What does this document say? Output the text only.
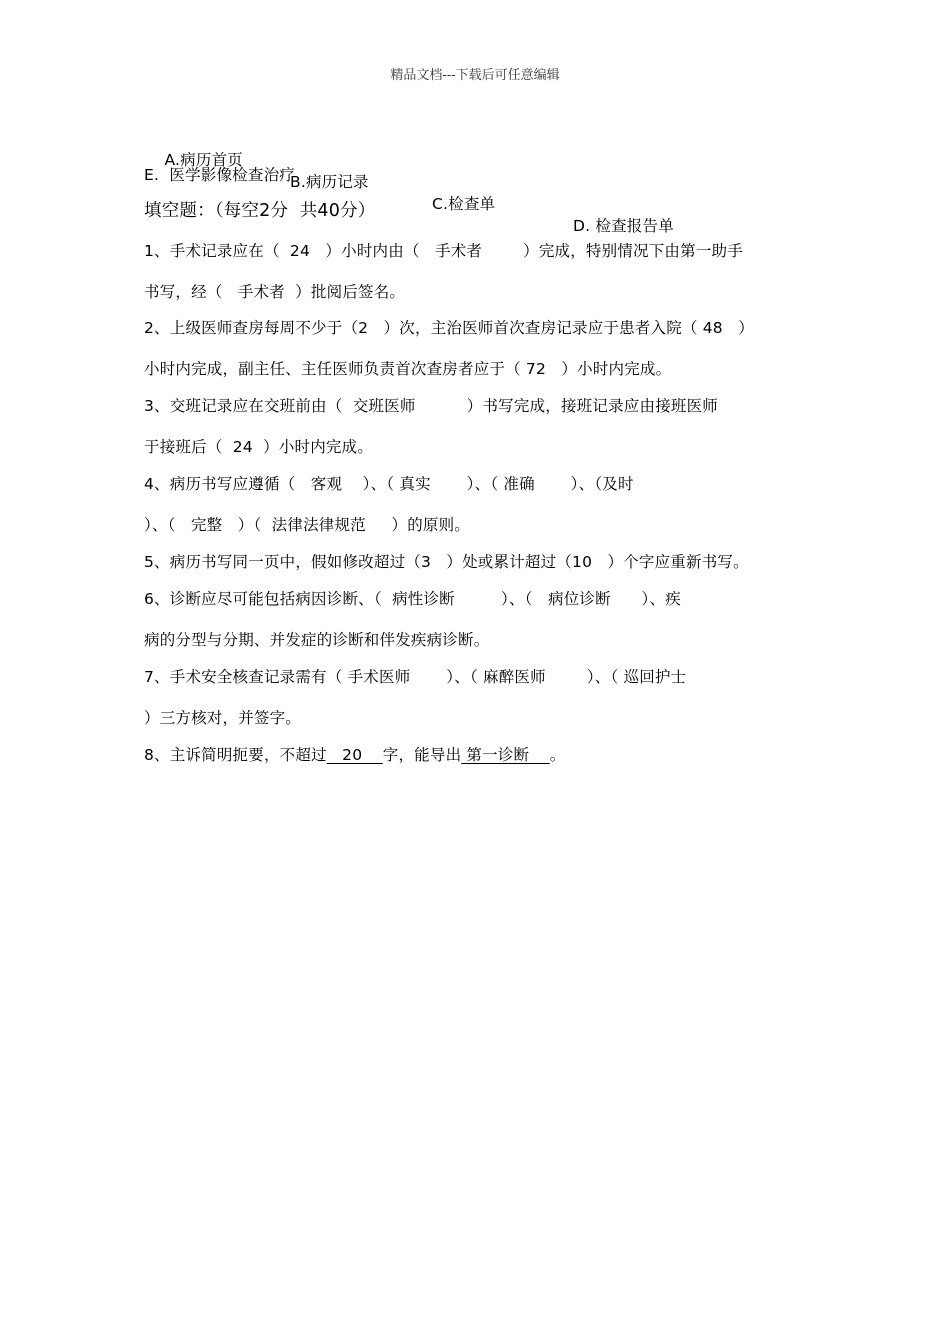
精品文档---下载后可任意编辑

A.病历首页

B.病历记录

C.检查单

D. 检查报告单

E.  医学影像检查治疗
填空题：（每空2分  共40分）
1、手术记录应在（  24   ）小时内由（   手术者        ）完成，特别情况下由第一助手
书写，经（   手术者  ）批阅后签名。
2、上级医师查房每周不少于（2   ）次，主治医师首次查房记录应于患者入院（ 48   ）
小时内完成，副主任、主任医师负责首次查房者应于（ 72   ）小时内完成。
3、交班记录应在交班前由（  交班医师          ）书写完成，接班记录应由接班医师
于接班后（  24  ）小时内完成。
4、病历书写应遵循（   客观    ）、（ 真实       ）、（ 准确       ）、（及时
）、（   完整   ）（  法律法律规范     ）的原则。
5、病历书写同一页中，假如修改超过（3   ）处或累计超过（10   ）个字应重新书写。
6、诊断应尽可能包括病因诊断、（  病性诊断         ）、（   病位诊断      ）、疾
病的分型与分期、并发症的诊断和伴发疾病诊断。
7、手术安全核查记录需有（ 手术医师       ）、（ 麻醉医师        ）、（ 巡回护士
）三方核对，并签字。
8、主诉简明扼要，不超过   20    字，能导出 第一诊断    。
